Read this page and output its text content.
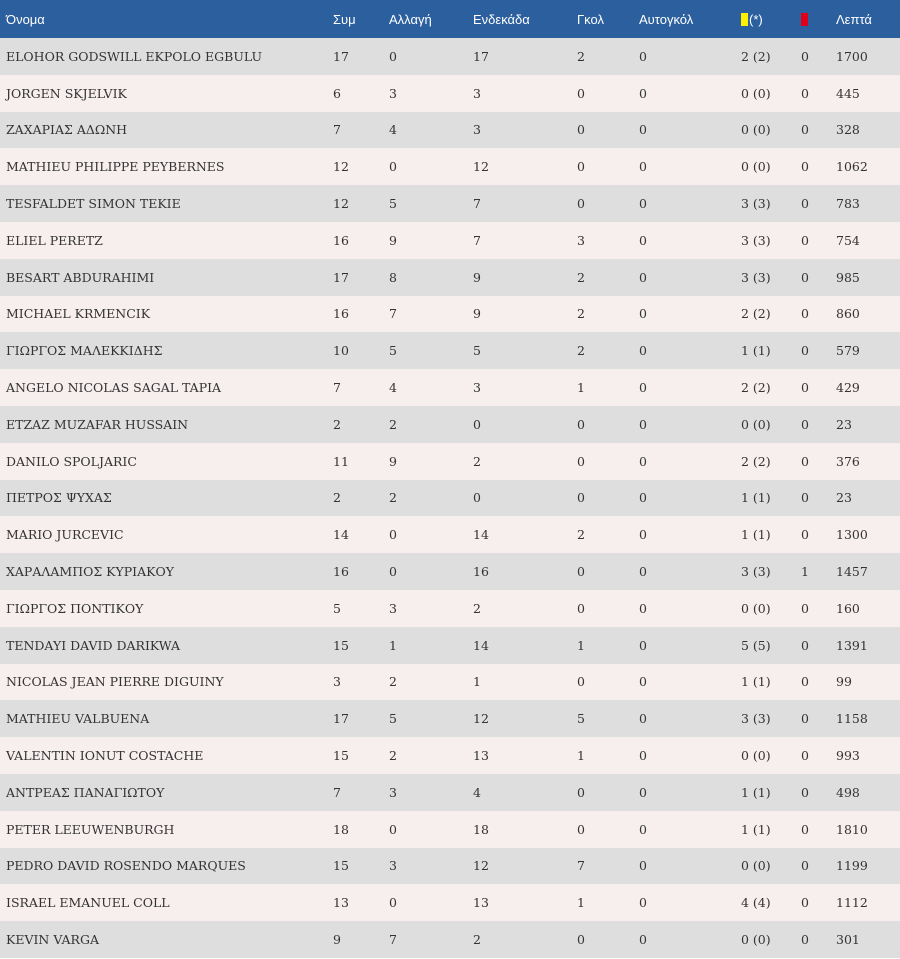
Όνομα	Συμ	Αλλαγή	Ενδεκάδα	Γκολ	Αυτογκόλ	(*)		Λεπτά
ELOHOR GODSWILL EKPOLO EGBULU	17	0	17	2	0	2 (2)	0	1700
JORGEN SKJELVIK	6	3	3	0	0	0 (0)	0	445
ΖΑΧΑΡΙΑΣ ΑΔΩΝΗ	7	4	3	0	0	0 (0)	0	328
MATHIEU PHILIPPE PEYBERNES	12	0	12	0	0	0 (0)	0	1062
TESFALDET SIMON TEKIE	12	5	7	0	0	3 (3)	0	783
ELIEL PERETZ	16	9	7	3	0	3 (3)	0	754
BESART ABDURAHIMI	17	8	9	2	0	3 (3)	0	985
MICHAEL KRMENCIK	16	7	9	2	0	2 (2)	0	860
ΓΙΩΡΓΟΣ ΜΑΛΕΚΚΙΔΗΣ	10	5	5	2	0	1 (1)	0	579
ANGELO NICOLAS SAGAL TAPIA	7	4	3	1	0	2 (2)	0	429
ETZAZ MUZAFAR HUSSAIN	2	2	0	0	0	0 (0)	0	23
DANILO SPOLJARIC	11	9	2	0	0	2 (2)	0	376
ΠΕΤΡΟΣ ΨΥΧΑΣ	2	2	0	0	0	1 (1)	0	23
MARIO JURCEVIC	14	0	14	2	0	1 (1)	0	1300
ΧΑΡΑΛΑΜΠΟΣ ΚΥΡΙΑΚΟΥ	16	0	16	0	0	3 (3)	1	1457
ΓΙΩΡΓΟΣ ΠΟΝΤΙΚΟΥ	5	3	2	0	0	0 (0)	0	160
TENDAYI DAVID DARIKWA	15	1	14	1	0	5 (5)	0	1391
NICOLAS JEAN PIERRE DIGUINY	3	2	1	0	0	1 (1)	0	99
MATHIEU VALBUENA	17	5	12	5	0	3 (3)	0	1158
VALENTIN IONUT COSTACHE	15	2	13	1	0	0 (0)	0	993
ΑΝΤΡΕΑΣ ΠΑΝΑΓΙΩΤΟΥ	7	3	4	0	0	1 (1)	0	498
PETER LEEUWENBURGH	18	0	18	0	0	1 (1)	0	1810
PEDRO DAVID ROSENDO MARQUES	15	3	12	7	0	0 (0)	0	1199
ISRAEL EMANUEL COLL	13	0	13	1	0	4 (4)	0	1112
KEVIN VARGA	9	7	2	0	0	0 (0)	0	301
